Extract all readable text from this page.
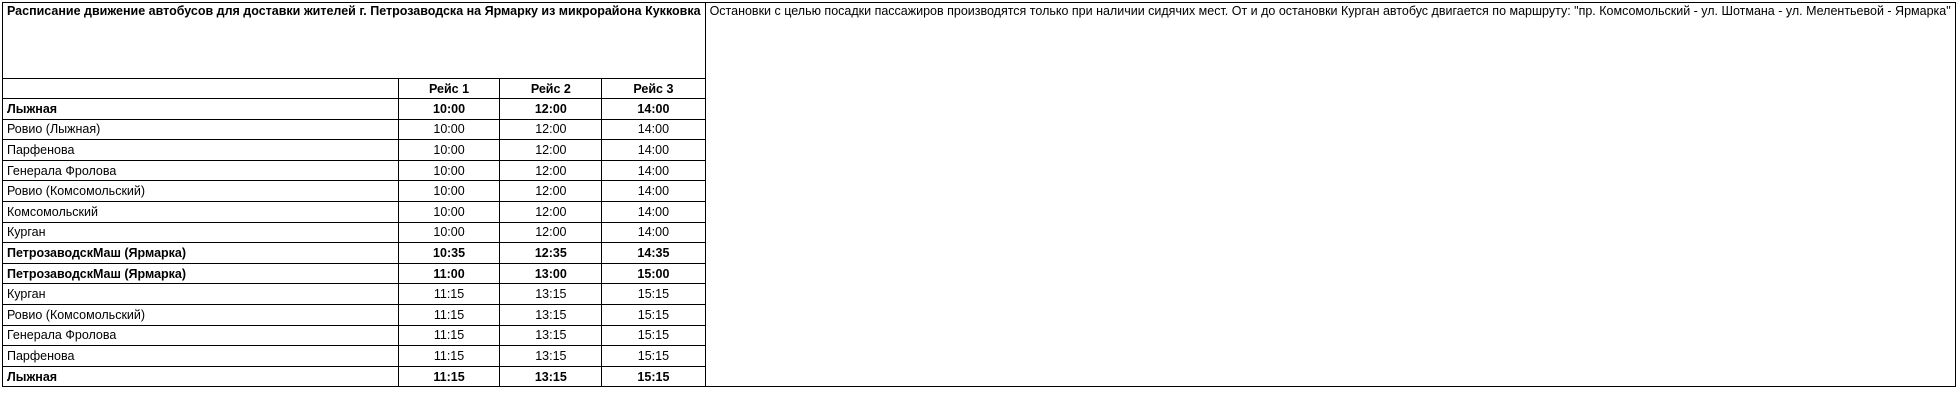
Расписание движение автобусов для доставки жителей г. Петрозаводска на Ярмарку из микрорайона Кукковка				Остановки с целью посадки пассажиров производятся только при наличии сидячих мест. От и до остановки Курган автобус двигается по маршруту: "пр. Комсомольский - ул. Шотмана - ул. Мелентьевой - Ярмарка"
	Рейс 1	Рейс 2	Рейс 3	
Лыжная	10:00	12:00	14:00	
Ровио (Лыжная)	10:00	12:00	14:00	
Парфенова	10:00	12:00	14:00	
Генерала Фролова	10:00	12:00	14:00	
Ровио (Комсомольский)	10:00	12:00	14:00	
Комсомольский	10:00	12:00	14:00	
Курган	10:00	12:00	14:00	
ПетрозаводскМаш (Ярмарка)	10:35	12:35	14:35	
ПетрозаводскМаш (Ярмарка)	11:00	13:00	15:00	
Курган	11:15	13:15	15:15	
Ровио (Комсомольский)	11:15	13:15	15:15	
Генерала Фролова	11:15	13:15	15:15	
Парфенова	11:15	13:15	15:15	
Лыжная	11:15	13:15	15:15	
